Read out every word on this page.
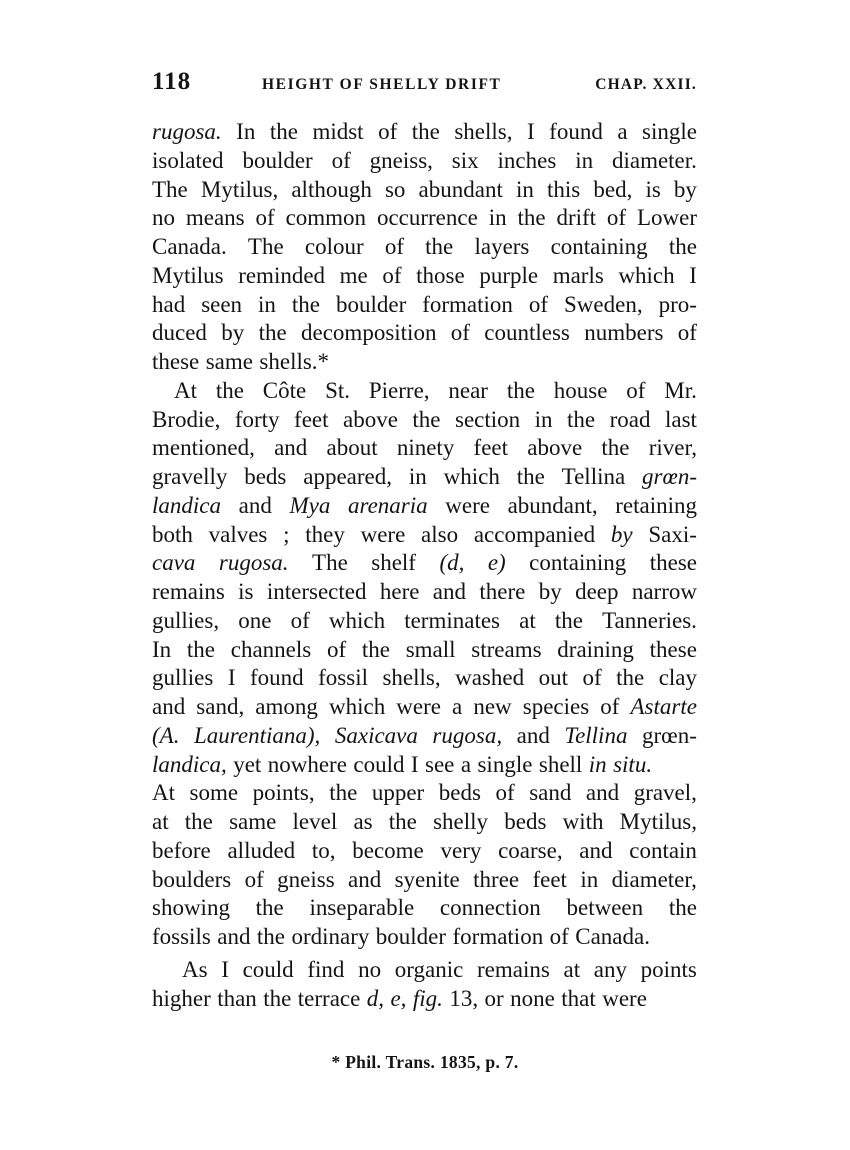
118	HEIGHT OF SHELLY DRIFT	CHAP. XXII.
rugosa. In the midst of the shells, I found a single
isolated boulder of gneiss, six inches in diameter.
The Mytilus, although so abundant in this bed, is by
no means of common occurrence in the drift of Lower
Canada. The colour of the layers containing the
Mytilus reminded me of those purple marls which I
had seen in the boulder formation of Sweden, pro-
duced by the decomposition of countless numbers of
these same shells.*
At the Côte St. Pierre, near the house of Mr.
Brodie, forty feet above the section in the road last
mentioned, and about ninety feet above the river,
gravelly beds appeared, in which the Tellina grœn-
landica and Mya arenaria were abundant, retaining
both valves ; they were also accompanied by Saxi-
cava rugosa. The shelf (d, e) containing these
remains is intersected here and there by deep narrow
gullies, one of which terminates at the Tanneries.
In the channels of the small streams draining these
gullies I found fossil shells, washed out of the clay
and sand, among which were a new species of Astarte
(A. Laurentiana), Saxicava rugosa, and Tellina grœn-
landica, yet nowhere could I see a single shell in situ.
At some points, the upper beds of sand and gravel,
at the same level as the shelly beds with Mytilus,
before alluded to, become very coarse, and contain
boulders of gneiss and syenite three feet in diameter,
showing the inseparable connection between the
fossils and the ordinary boulder formation of Canada.
As I could find no organic remains at any points
higher than the terrace d, e, fig. 13, or none that were
* Phil. Trans. 1835, p. 7.
